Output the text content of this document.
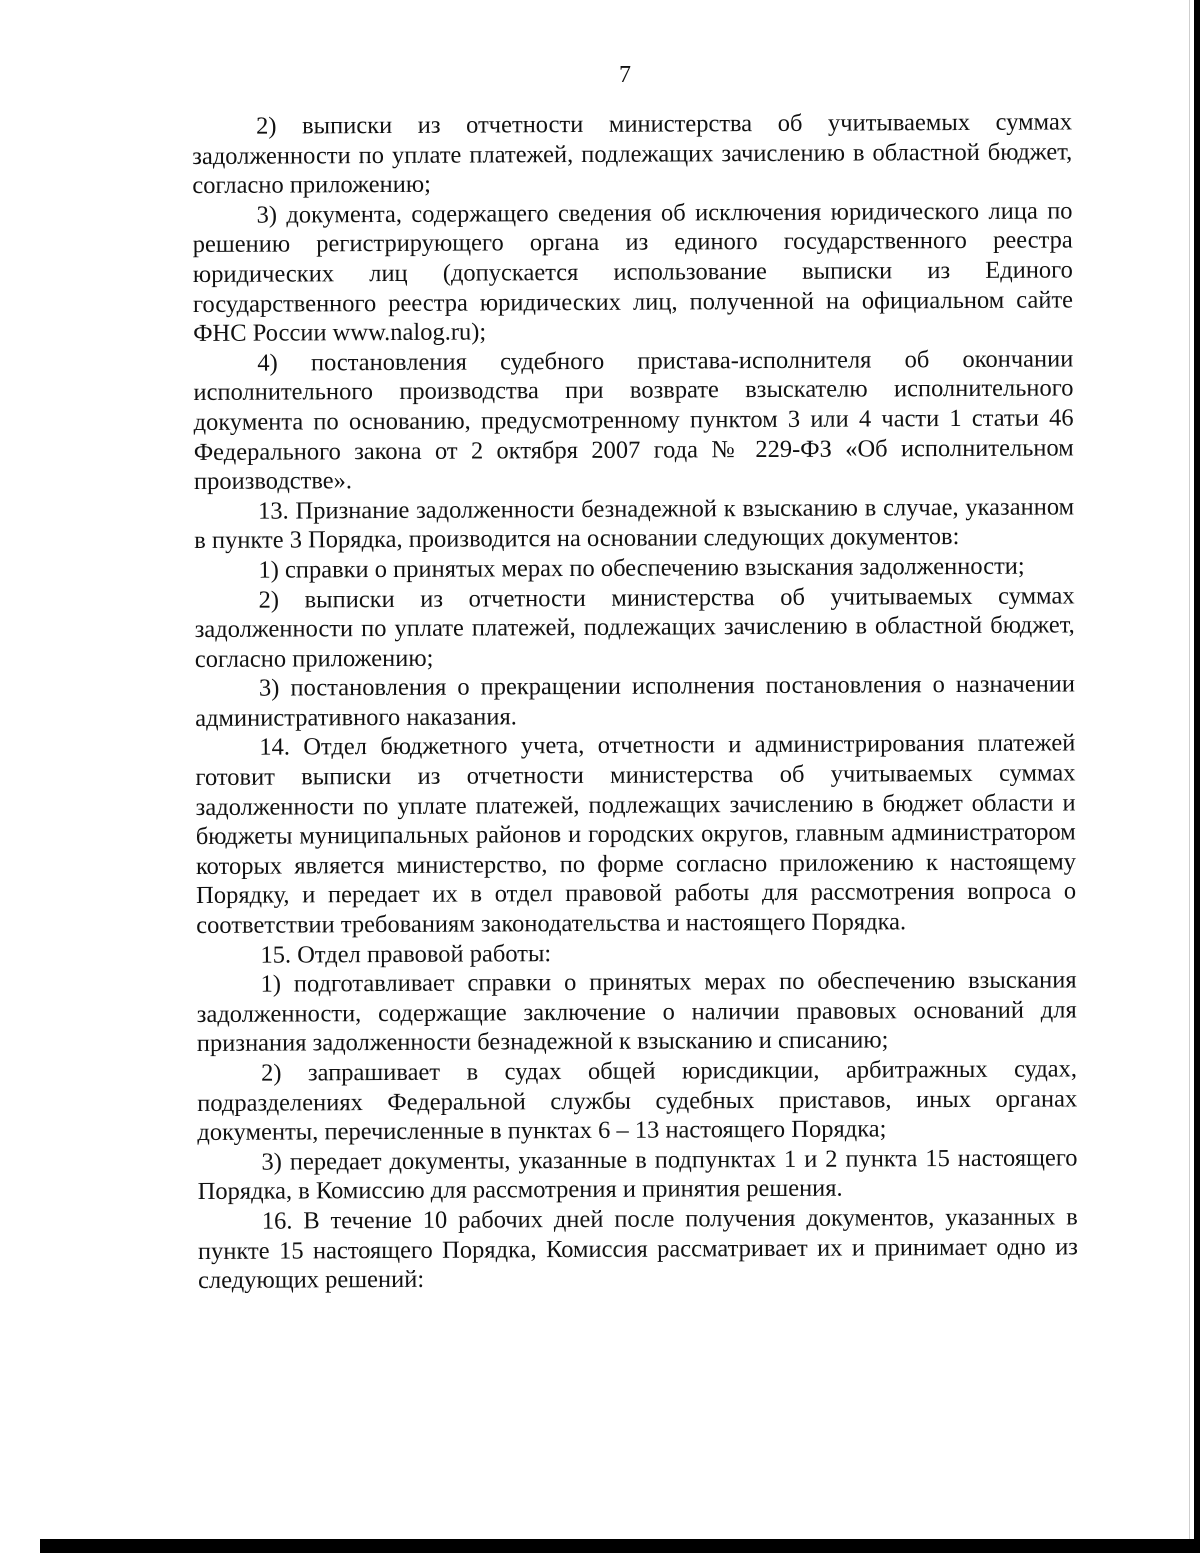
7

2) выписки из отчетности министерства об учитываемых суммах задолженности по уплате платежей, подлежащих зачислению в областной бюджет, согласно приложению;

3) документа, содержащего сведения об исключения юридического лица по решению регистрирующего органа из единого государственного реестра юридических лиц (допускается использование выписки из Единого государственного реестра юридических лиц, полученной на официальном сайте ФНС России www.nalog.ru);

4) постановления судебного пристава-исполнителя об окончании исполнительного производства при возврате взыскателю исполнительного документа по основанию, предусмотренному пунктом 3 или 4 части 1 статьи 46 Федерального закона от 2 октября 2007 года № 229-ФЗ «Об исполнительном производстве».

13. Признание задолженности безнадежной к взысканию в случае, указанном в пункте 3 Порядка, производится на основании следующих документов:

1) справки о принятых мерах по обеспечению взыскания задолженности;

2) выписки из отчетности министерства об учитываемых суммах задолженности по уплате платежей, подлежащих зачислению в областной бюджет, согласно приложению;

3) постановления о прекращении исполнения постановления о назначении административного наказания.

14. Отдел бюджетного учета, отчетности и администрирования платежей готовит выписки из отчетности министерства об учитываемых суммах задолженности по уплате платежей, подлежащих зачислению в бюджет области и бюджеты муниципальных районов и городских округов, главным администратором которых является министерство, по форме согласно приложению к настоящему Порядку, и передает их в отдел правовой работы для рассмотрения вопроса о соответствии требованиям законодательства и настоящего Порядка.

15. Отдел правовой работы:

1) подготавливает справки о принятых мерах по обеспечению взыскания задолженности, содержащие заключение о наличии правовых оснований для признания задолженности безнадежной к взысканию и списанию;

2) запрашивает в судах общей юрисдикции, арбитражных судах, подразделениях Федеральной службы судебных приставов, иных органах документы, перечисленные в пунктах 6 – 13 настоящего Порядка;

3) передает документы, указанные в подпунктах 1 и 2 пункта 15 настоящего Порядка, в Комиссию для рассмотрения и принятия решения.

16. В течение 10 рабочих дней после получения документов, указанных в пункте 15 настоящего Порядка, Комиссия рассматривает их и принимает одно из следующих решений:
